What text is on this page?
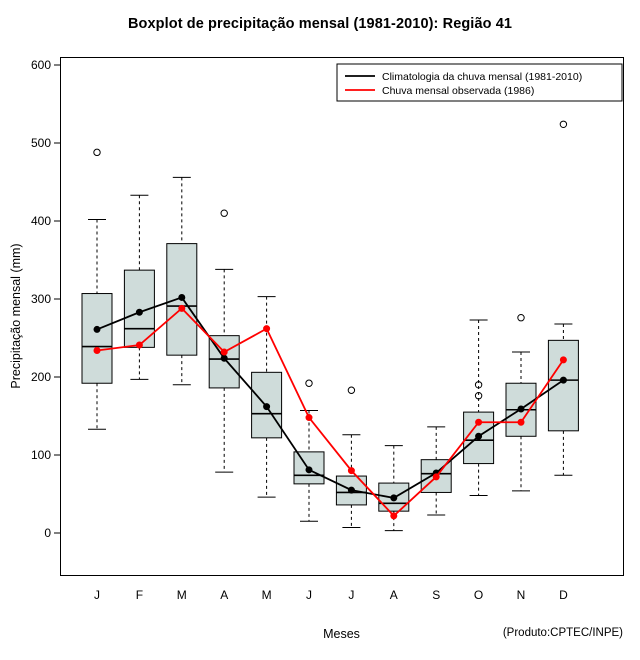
Boxplot de precipitação mensal (1981-2010): Região 41
0
100
200
300
400
500
600
Precipitação mensal (mm)
J	F	M	A	M	J	J	A	S	O	N	D
Meses
Climatologia da chuva mensal (1981-2010)
Chuva mensal observada (1986)
(Produto:CPTEC/INPE)
